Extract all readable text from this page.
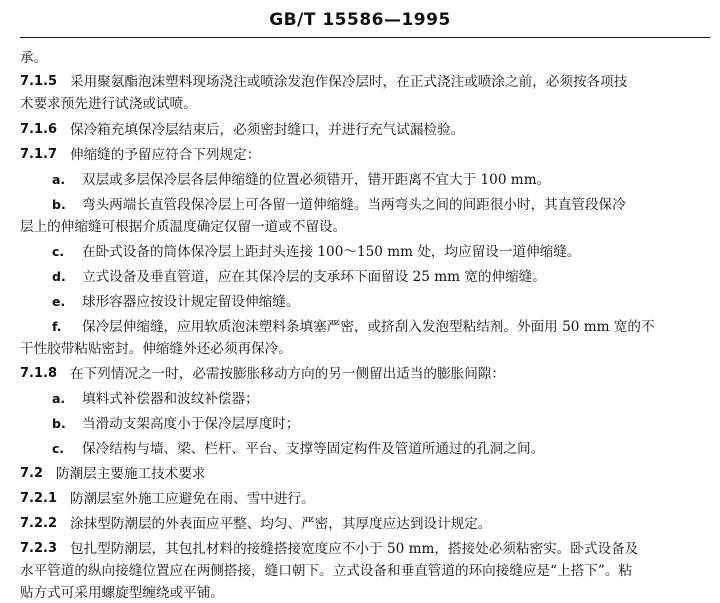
GB/T 15586—1995
承。
7.1.5 采用聚氨酯泡沫塑料现场浇注或喷涂发泡作保冷层时，在正式浇注或喷涂之前，必须按各项技
术要求预先进行试浇或试喷。
7.1.6 保冷箱充填保冷层结束后，必须密封缝口，并进行充气试漏检验。
7.1.7 伸缩缝的予留应符合下列规定：
a. 双层或多层保冷层各层伸缩缝的位置必须错开，错开距离不宜大于 100 mm。
b. 弯头两端长直管段保冷层上可各留一道伸缩缝。当两弯头之间的间距很小时，其直管段保冷
层上的伸缩缝可根据介质温度确定仅留一道或不留设。
c. 在卧式设备的筒体保冷层上距封头连接 100～150 mm 处，均应留设一道伸缩缝。
d. 立式设备及垂直管道，应在其保冷层的支承环下面留设 25 mm 宽的伸缩缝。
e. 球形容器应按设计规定留设伸缩缝。
f. 保冷层伸缩缝，应用软质泡沫塑料条填塞严密，或挤刮入发泡型粘结剂。外面用 50 mm 宽的不
干性胶带粘贴密封。伸缩缝外还必须再保冷。
7.1.8 在下列情况之一时，必需按膨胀移动方向的另一侧留出适当的膨胀间隙：
a. 填料式补偿器和波纹补偿器；
b. 当滑动支架高度小于保冷层厚度时；
c. 保冷结构与墙、梁、栏杆、平台、支撑等固定构件及管道所通过的孔洞之间。
7.2 防潮层主要施工技术要求
7.2.1 防潮层室外施工应避免在雨、雪中进行。
7.2.2 涂抹型防潮层的外表面应平整、均匀、严密，其厚度应达到设计规定。
7.2.3 包扎型防潮层，其包扎材料的接缝搭接宽度应不小于 50 mm，搭接处必须粘密实。卧式设备及
水平管道的纵向接缝位置应在两侧搭接，缝口朝下。立式设备和垂直管道的环向接缝应是“上搭下”。粘
贴方式可采用螺旋型缠绕或平铺。
